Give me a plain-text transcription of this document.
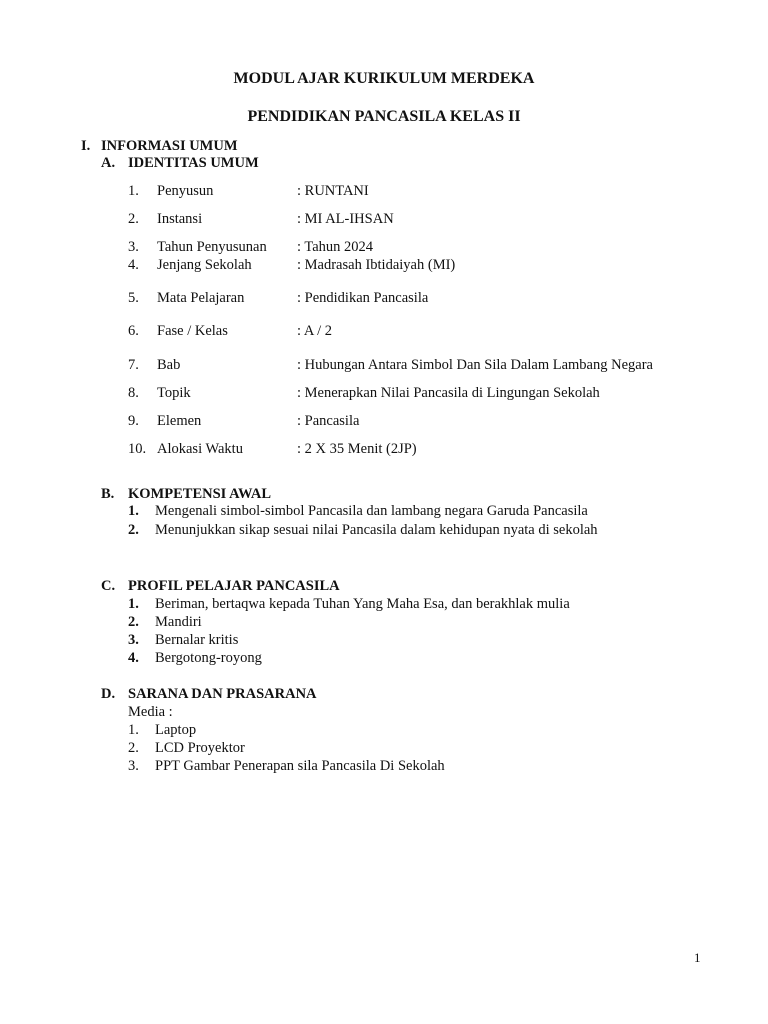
MODUL AJAR KURIKULUM MERDEKA
PENDIDIKAN PANCASILA KELAS II
I. INFORMASI UMUM
A. IDENTITAS UMUM
1. Penyusun	: RUNTANI
2. Instansi	: MI AL-IHSAN
3. Tahun Penyusunan : Tahun 2024
4. Jenjang Sekolah	: Madrasah Ibtidaiyah (MI)
5. Mata Pelajaran	: Pendidikan Pancasila
6. Fase / Kelas	: A / 2
7. Bab	: Hubungan Antara Simbol Dan Sila Dalam Lambang Negara
8. Topik	: Menerapkan Nilai Pancasila di Lingungan Sekolah
9. Elemen	: Pancasila
10. Alokasi Waktu	: 2 X 35 Menit (2JP)
B. KOMPETENSI AWAL
1. Mengenali simbol-simbol Pancasila dan lambang negara Garuda Pancasila
2. Menunjukkan sikap sesuai nilai Pancasila dalam kehidupan nyata di sekolah
C. PROFIL PELAJAR PANCASILA
1. Beriman, bertaqwa kepada Tuhan Yang Maha Esa, dan berakhlak mulia
2. Mandiri
3. Bernalar kritis
4. Bergotong-royong
D. SARANA DAN PRASARANA
Media :
1. Laptop
2. LCD Proyektor
3. PPT Gambar Penerapan sila Pancasila Di Sekolah
1
